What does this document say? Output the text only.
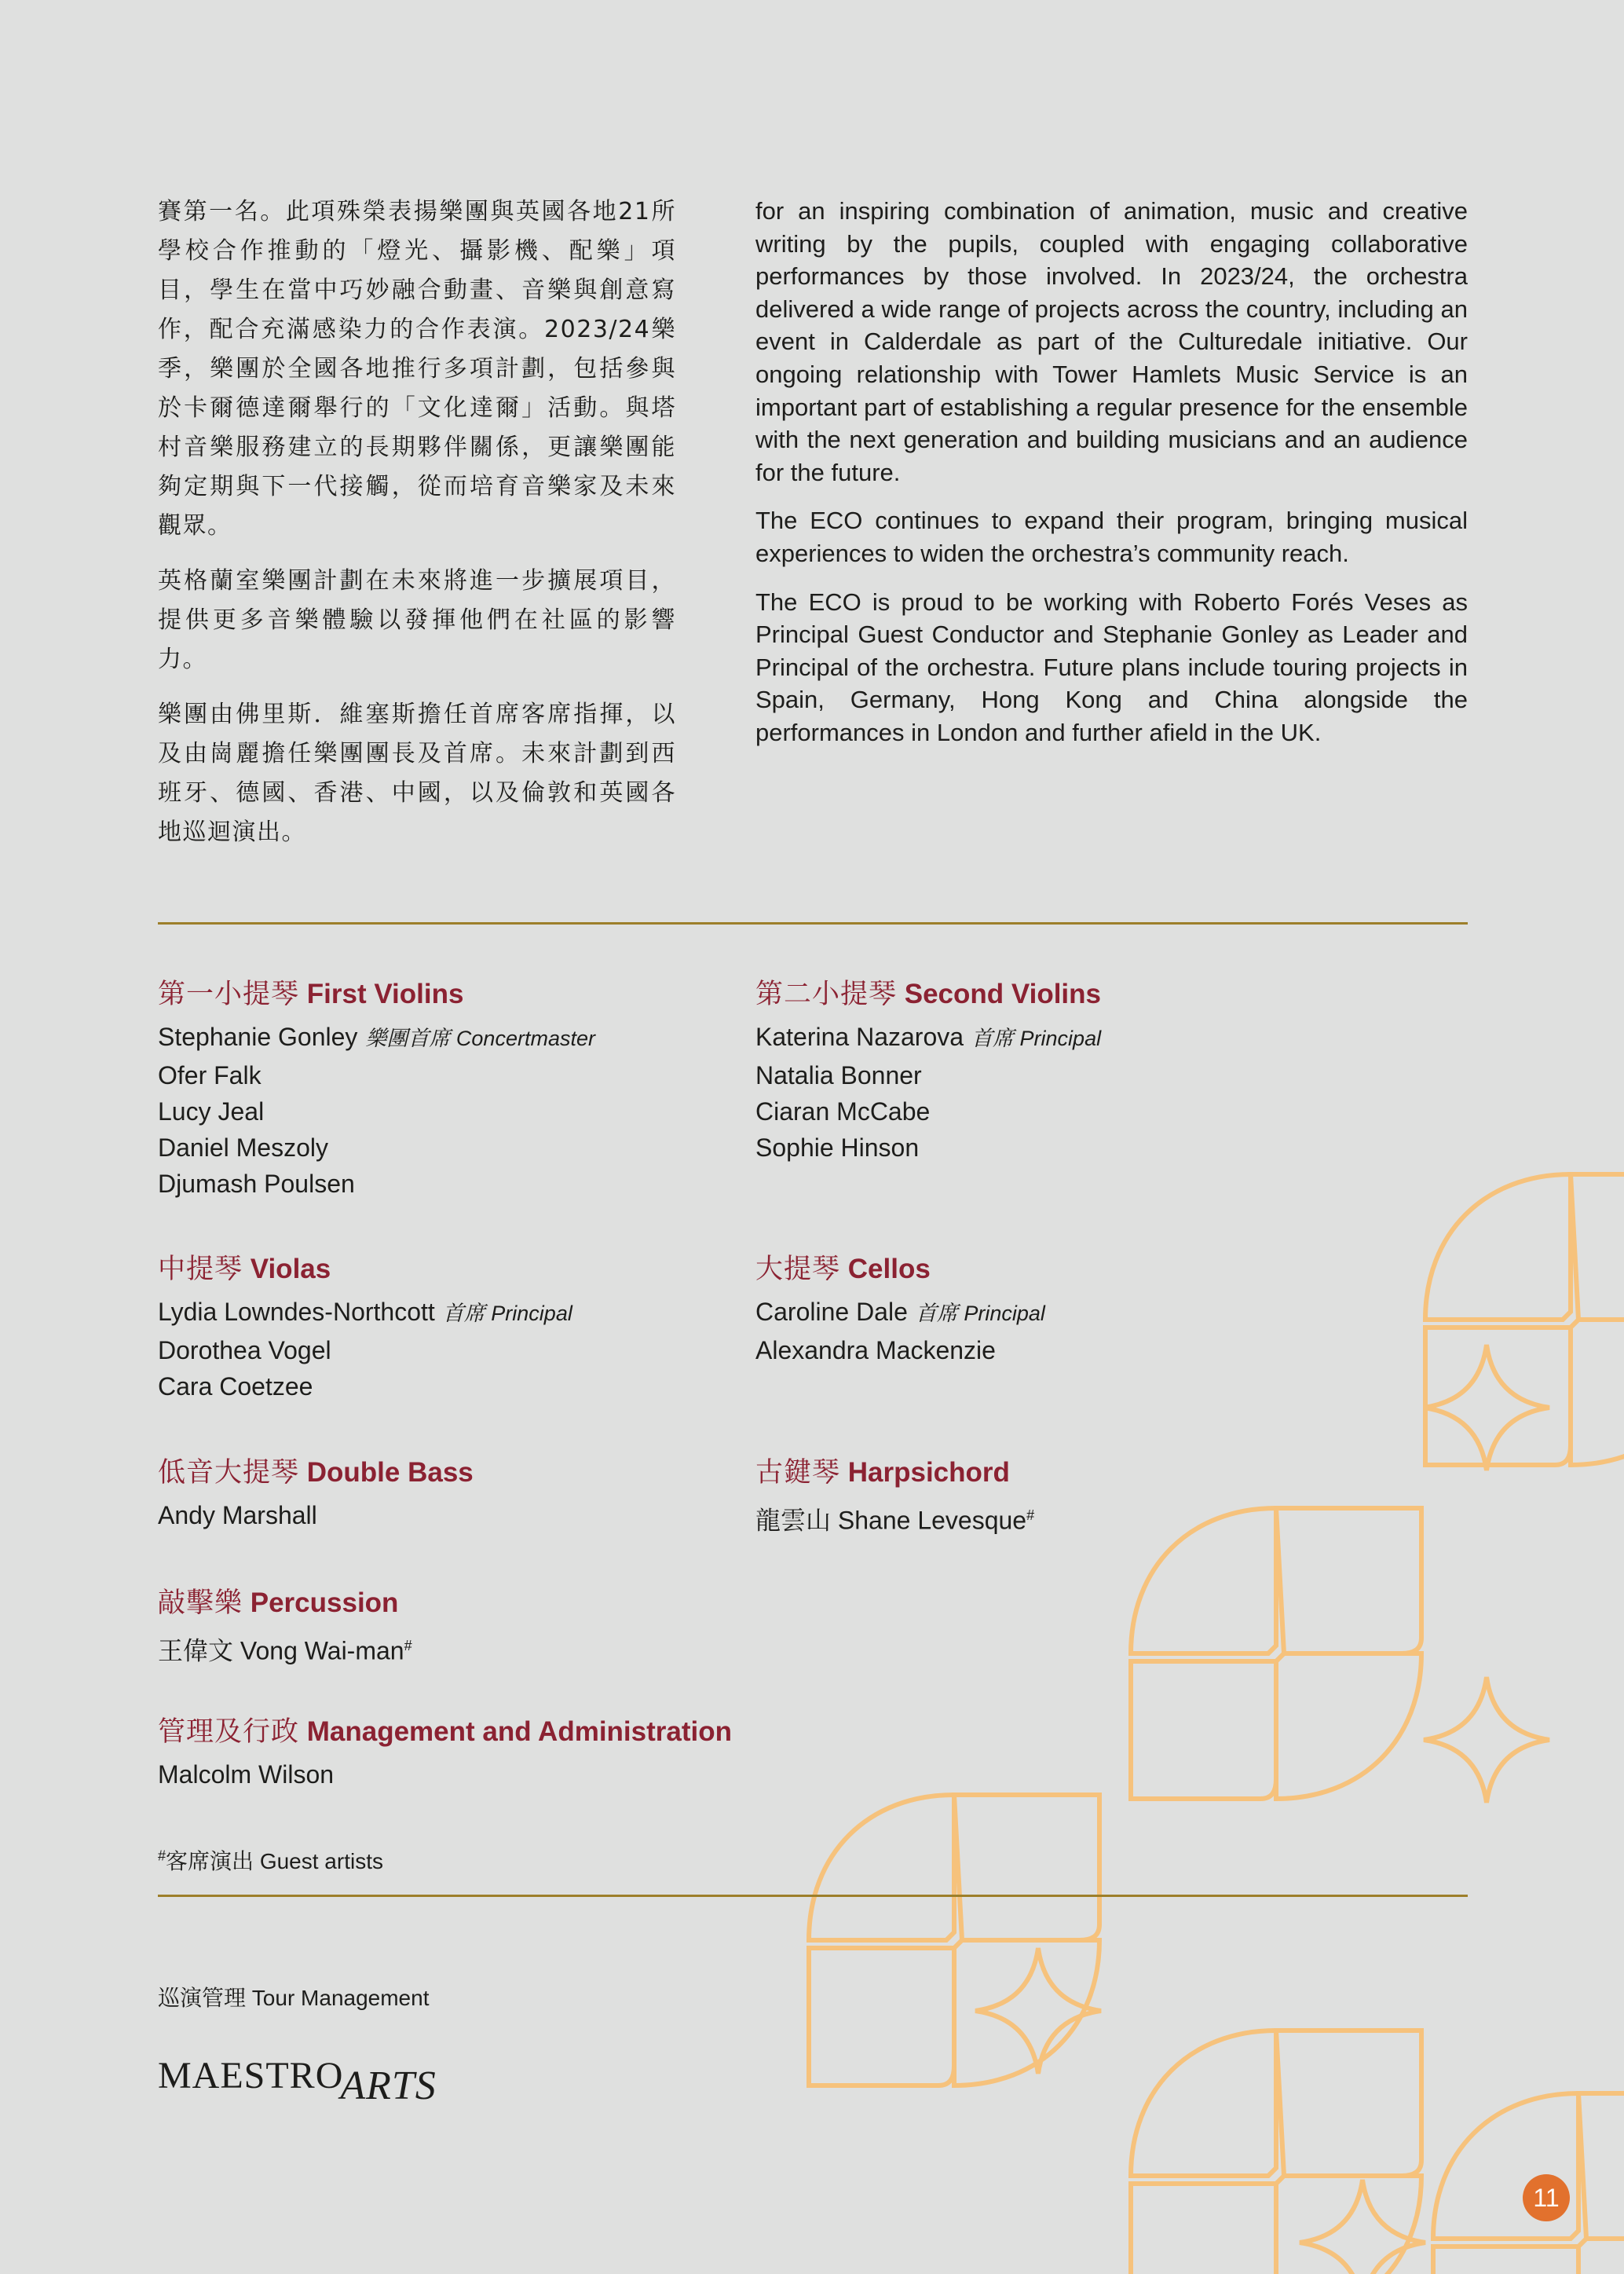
賽第一名。此項殊榮表揚樂團與英國各地21所學校合作推動的「燈光、攝影機、配樂」項目，學生在當中巧妙融合動畫、音樂與創意寫作，配合充滿感染力的合作表演。2023/24樂季，樂團於全國各地推行多項計劃，包括參與於卡爾德達爾舉行的「文化達爾」活動。與塔村音樂服務建立的長期夥伴關係，更讓樂團能夠定期與下一代接觸，從而培育音樂家及未來觀眾。

英格蘭室樂團計劃在未來將進一步擴展項目，提供更多音樂體驗以發揮他們在社區的影響力。

樂團由佛里斯．維塞斯擔任首席客席指揮，以及由崗麗擔任樂團團長及首席。未來計劃到西班牙、德國、香港、中國，以及倫敦和英國各地巡迴演出。

for an inspiring combination of animation, music and creative writing by the pupils, coupled with engaging collaborative performances by those involved. In 2023/24, the orchestra delivered a wide range of projects across the country, including an event in Calderdale as part of the Culturedale initiative. Our ongoing relationship with Tower Hamlets Music Service is an important part of establishing a regular presence for the ensemble with the next generation and building musicians and an audience for the future.

The ECO continues to expand their program, bringing musical experiences to widen the orchestra’s community reach.

The ECO is proud to be working with Roberto Forés Veses as Principal Guest Conductor and Stephanie Gonley as Leader and Principal of the orchestra. Future plans include touring projects in Spain, Germany, Hong Kong and China alongside the performances in London and further afield in the UK.

第一小提琴 First Violins
Stephanie Gonley 樂團首席 Concertmaster
Ofer Falk
Lucy Jeal
Daniel Meszoly
Djumash Poulsen
第二小提琴 Second Violins
Katerina Nazarova 首席 Principal
Natalia Bonner
Ciaran McCabe
Sophie Hinson
中提琴 Violas
Lydia Lowndes-Northcott 首席 Principal
Dorothea Vogel
Cara Coetzee
大提琴 Cellos
Caroline Dale 首席 Principal
Alexandra Mackenzie
低音大提琴 Double Bass
Andy Marshall
古鍵琴 Harpsichord
龍雲山 Shane Levesque#
敲擊樂 Percussion
王偉文 Vong Wai-man#
管理及行政 Management and Administration
Malcolm Wilson
#客席演出 Guest artists
巡演管理 Tour Management
MAESTROARTS
11
